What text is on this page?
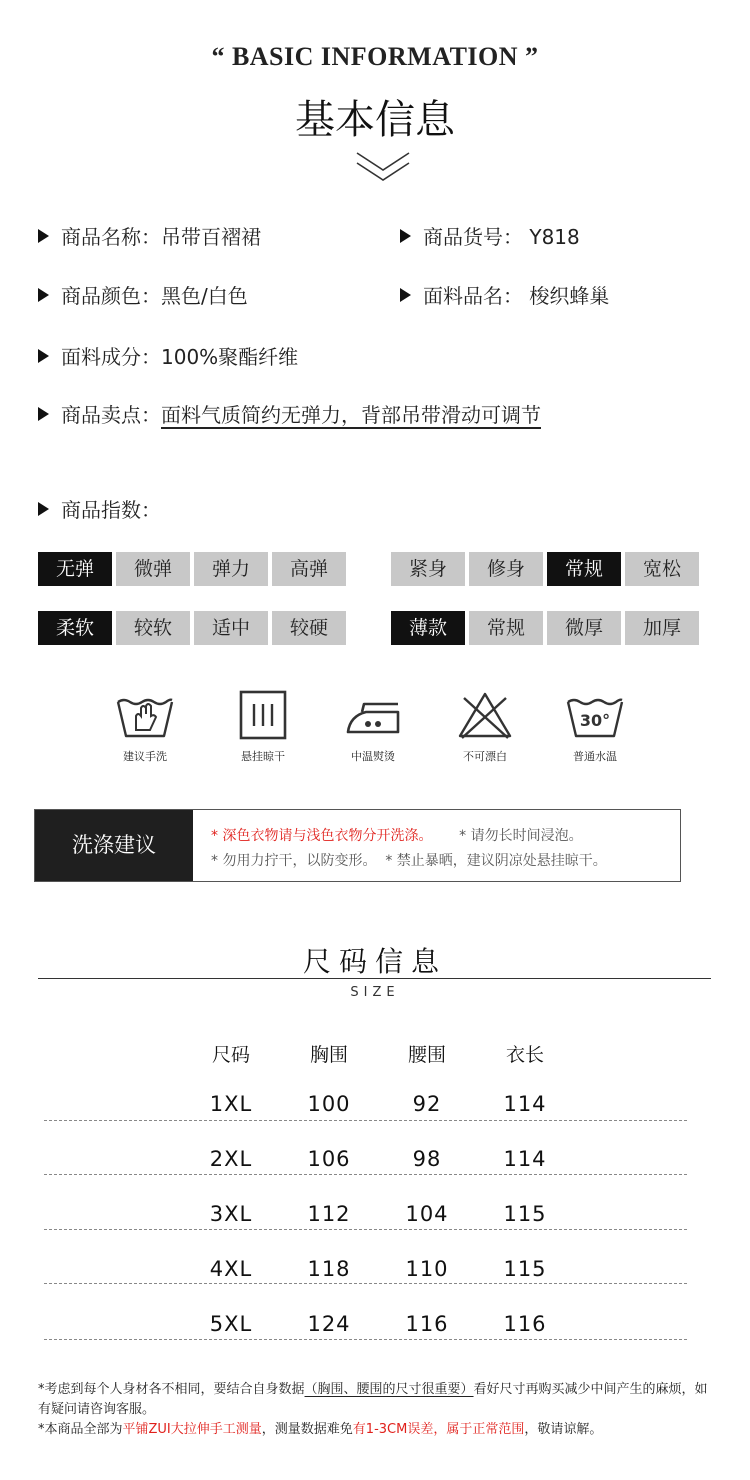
“ BASIC INFORMATION ”
基本信息
商品名称：吊带百褶裙	商品货号： Y818
商品颜色：黑色/白色	面料品名： 梭织蜂巢
面料成分：100%聚酯纤维
商品卖点： 面料气质简约无弹力，背部吊带滑动可调节
商品指数：
无弹	微弹	弹力	高弹	紧身	修身	常规	宽松
柔软	较软	适中	较硬	薄款	常规	微厚	加厚
建议手洗	悬挂晾干	中温熨烫	不可漂白
30°
普通水温
洗涤建议	* 深色衣物请与浅色衣物分开洗涤。 * 请勿长时间浸泡。
* 勿用力拧干，以防变形。 * 禁止暴晒，建议阴凉处悬挂晾干。
尺码信息
SIZE
尺码	胸围	腰围	衣长
1XL	100	92	114
2XL	106	98	114
3XL	112	104	115
4XL	118	110	115
5XL	124	116	116
*考虑到每个人身材各不相同，要结合自身数据（胸围、腰围的尺寸很重要）看好尺寸再购买减少中间产生的麻烦，如有疑问请咨询客服。
*本商品全部为平铺ZUI大拉伸手工测量，测量数据难免有1-3CM误差，属于正常范围，敬请谅解。
